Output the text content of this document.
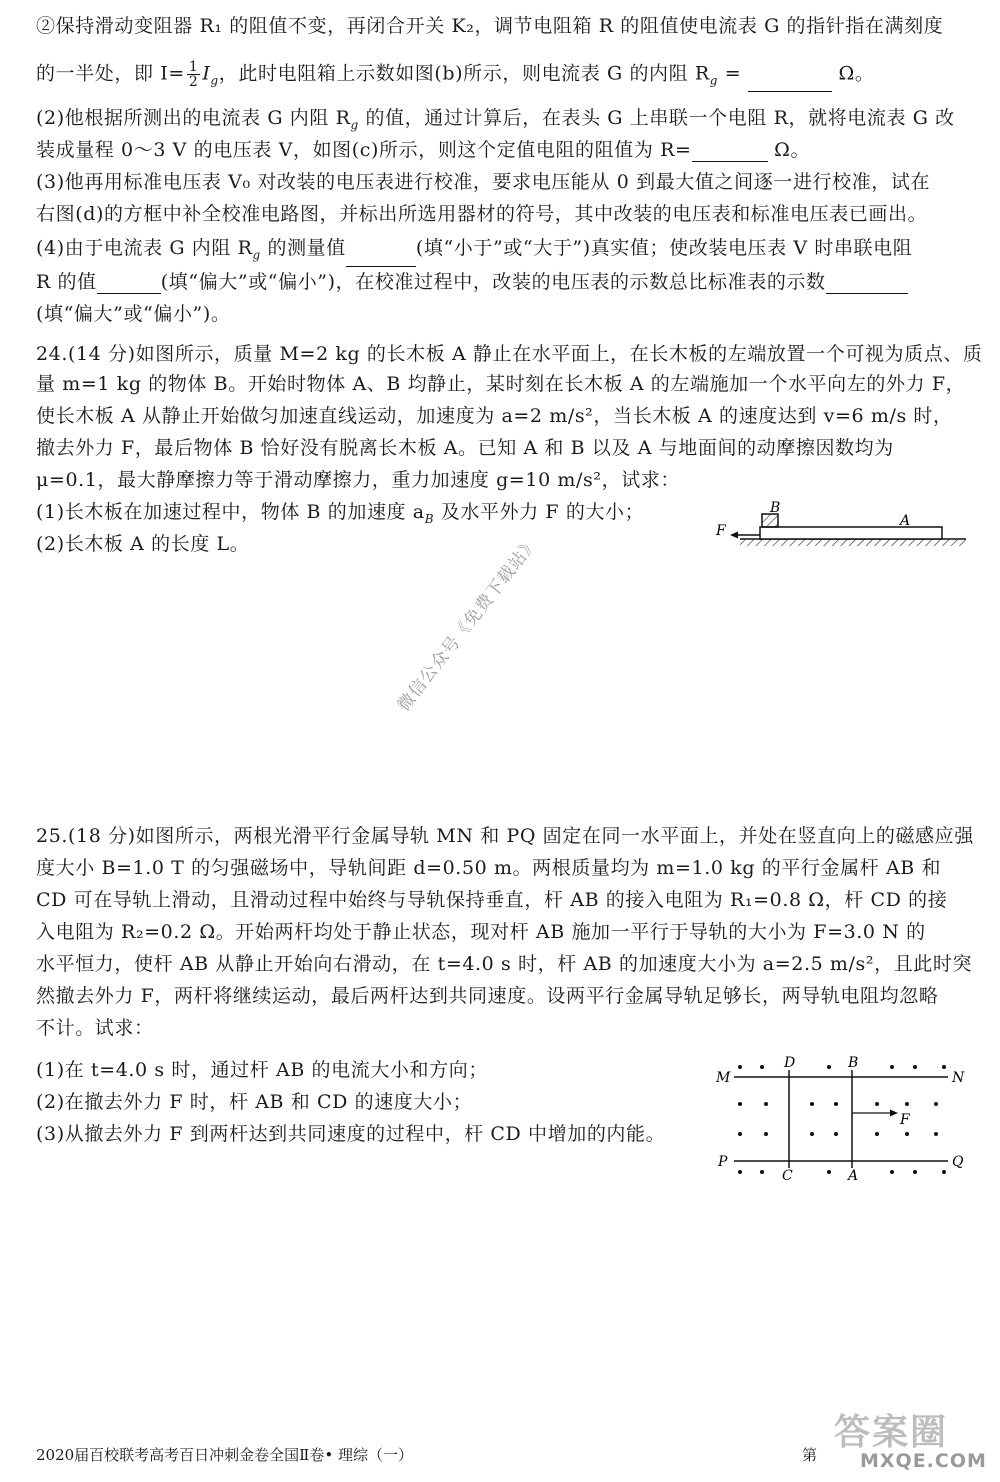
②保持滑动变阻器 R₁ 的阻值不变，再闭合开关 K₂，调节电阻箱 R 的阻值使电流表 G 的指针指在满刻度
的一半处，即 $I= \frac{1}{2} I_g$，此时电阻箱上示数如图(b)所示，则电流表 G 的内阻 $R_g$ =	Ω。
(2)他根据所测出的电流表 G 内阻 $R_g$ 的值，通过计算后，在表头 G 上串联一个电阻 R，就将电流表 G 改
装成量程 0～3 V 的电压表 V，如图(c)所示，则这个定值电阻的阻值为 R=	Ω。
(3)他再用标准电压表 V₀ 对改装的电压表进行校准，要求电压能从 0 到最大值之间逐一进行校准，试在
右图(d)的方框中补全校准电路图，并标出所选用器材的符号，其中改装的电压表和标准电压表已画出。
(4)由于电流表 G 内阻 $R_g$ 的测量值	(填“小于”或“大于”)真实值；使改装电压表 V 时串联电阻
R 的值	(填“偏大”或“偏小”)，在校准过程中，改装的电压表的示数总比标准表的示数
(填“偏大”或“偏小”)。
24.(14 分)如图所示，质量 M=2 kg 的长木板 A 静止在水平面上，在长木板的左端放置一个可视为质点、质
量 m=1 kg 的物体 B。开始时物体 A、B 均静止，某时刻在长木板 A 的左端施加一个水平向左的外力 F，
使长木板 A 从静止开始做匀加速直线运动，加速度为 a=2 m/s²，当长木板 A 的速度达到 v=6 m/s 时，
撤去外力 F，最后物体 B 恰好没有脱离长木板 A。已知 A 和 B 以及 A 与地面间的动摩擦因数均为
μ=0.1，最大静摩擦力等于滑动摩擦力，重力加速度 g=10 m/s²，试求：
(1)长木板在加速过程中，物体 B 的加速度 $a_B$ 及水平外力 F 的大小；
(2)长木板 A 的长度 L。
B
A
F
微信公众号《免费下载站》
25.(18 分)如图所示，两根光滑平行金属导轨 MN 和 PQ 固定在同一水平面上，并处在竖直向上的磁感应强
度大小 B=1.0 T 的匀强磁场中，导轨间距 d=0.50 m。两根质量均为 m=1.0 kg 的平行金属杆 AB 和
CD 可在导轨上滑动，且滑动过程中始终与导轨保持垂直，杆 AB 的接入电阻为 R₁=0.8 Ω，杆 CD 的接
入电阻为 R₂=0.2 Ω。开始两杆均处于静止状态，现对杆 AB 施加一平行于导轨的大小为 F=3.0 N 的
水平恒力，使杆 AB 从静止开始向右滑动，在 t=4.0 s 时，杆 AB 的加速度大小为 a=2.5 m/s²，且此时突
然撤去外力 F，两杆将继续运动，最后两杆达到共同速度。设两平行金属导轨足够长，两导轨电阻均忽略
不计。试求：
(1)在 t=4.0 s 时，通过杆 AB 的电流大小和方向；
(2)在撤去外力 F 时，杆 AB 和 CD 的速度大小；
(3)从撤去外力 F 到两杆达到共同速度的过程中，杆 CD 中增加的内能。
M	N
P	Q
D	B
C	A
F
2020届百校联考高考百日冲刺金卷全国Ⅱ卷• 理综（一）	第
答案圈
MXQE.COM
